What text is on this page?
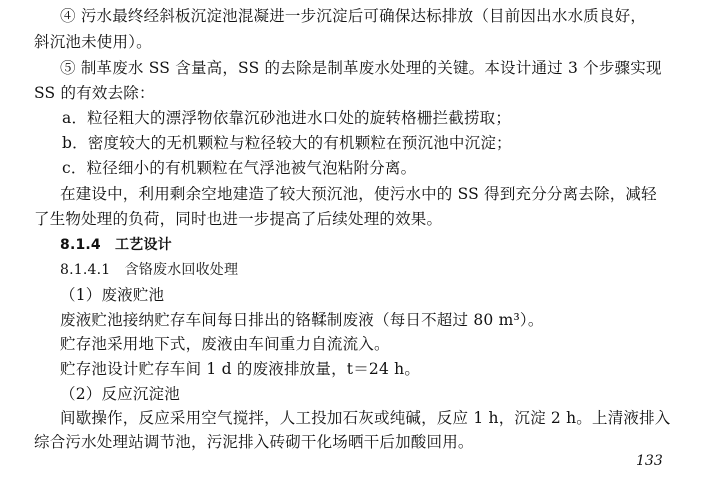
④ 污水最终经斜板沉淀池混凝进一步沉淀后可确保达标排放（目前因出水水质良好，
斜沉池未使用）。
⑤ 制革废水 SS 含量高，SS 的去除是制革废水处理的关键。本设计通过 3 个步骤实现
SS 的有效去除：
a．粒径粗大的漂浮物依靠沉砂池进水口处的旋转格栅拦截捞取；
b．密度较大的无机颗粒与粒径较大的有机颗粒在预沉池中沉淀；
c．粒径细小的有机颗粒在气浮池被气泡粘附分离。
在建设中，利用剩余空地建造了较大预沉池，使污水中的 SS 得到充分分离去除，减轻
了生物处理的负荷，同时也进一步提高了后续处理的效果。
8.1.4　工艺设计
8.1.4.1　含铬废水回收处理
（1）废液贮池
废液贮池接纳贮存车间每日排出的铬鞣制废液（每日不超过 80 m³）。
贮存池采用地下式，废液由车间重力自流流入。
贮存池设计贮存车间 1 d 的废液排放量，t＝24 h。
（2）反应沉淀池
间歇操作，反应采用空气搅拌，人工投加石灰或纯碱，反应 1 h，沉淀 2 h。上清液排入
综合污水处理站调节池，污泥排入砖砌干化场晒干后加酸回用。
133
